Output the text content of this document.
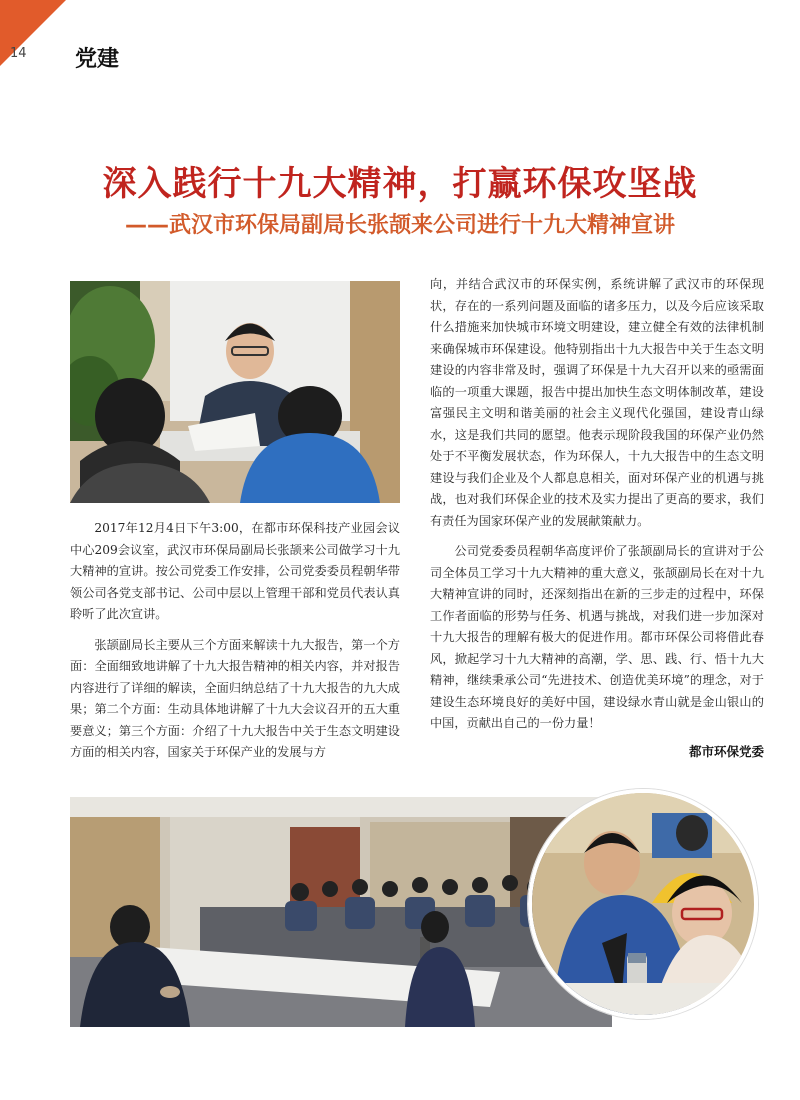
14 党建
深入践行十九大精神，打赢环保攻坚战
——武汉市环保局副局长张颉来公司进行十九大精神宣讲

2017年12月4日下午3:00，在都市环保科技产业园会议中心209会议室，武汉市环保局副局长张颉来公司做学习十九大精神的宣讲。按公司党委工作安排，公司党委委员程朝华带领公司各党支部书记、公司中层以上管理干部和党员代表认真聆听了此次宣讲。

张颉副局长主要从三个方面来解读十九大报告，第一个方面：全面细致地讲解了十九大报告精神的相关内容，并对报告内容进行了详细的解读，全面归纳总结了十九大报告的九大成果；第二个方面：生动具体地讲解了十九大会议召开的五大重要意义；第三个方面：介绍了十九大报告中关于生态文明建设方面的相关内容，国家关于环保产业的发展与方

向，并结合武汉市的环保实例，系统讲解了武汉市的环保现状，存在的一系列问题及面临的诸多压力，以及今后应该采取什么措施来加快城市环境文明建设，建立健全有效的法律机制来确保城市环保建设。他特别指出十九大报告中关于生态文明建设的内容非常及时，强调了环保是十九大召开以来的亟需面临的一项重大课题，报告中提出加快生态文明体制改革，建设富强民主文明和谐美丽的社会主义现代化强国，建设青山绿水，这是我们共同的愿望。他表示现阶段我国的环保产业仍然处于不平衡发展状态，作为环保人，十九大报告中的生态文明建设与我们企业及个人都息息相关，面对环保产业的机遇与挑战，也对我们环保企业的技术及实力提出了更高的要求，我们有责任为国家环保产业的发展献策献力。

公司党委委员程朝华高度评价了张颉副局长的宣讲对于公司全体员工学习十九大精神的重大意义，张颉副局长在对十九大精神宣讲的同时，还深刻指出在新的三步走的过程中，环保工作者面临的形势与任务、机遇与挑战，对我们进一步加深对十九大报告的理解有极大的促进作用。都市环保公司将借此春风，掀起学习十九大精神的高潮，学、思、践、行、悟十九大精神，继续秉承公司“先进技术、创造优美环境”的理念，对于建设生态环境良好的美好中国，建设绿水青山就是金山银山的中国，贡献出自己的一份力量！

都市环保党委
